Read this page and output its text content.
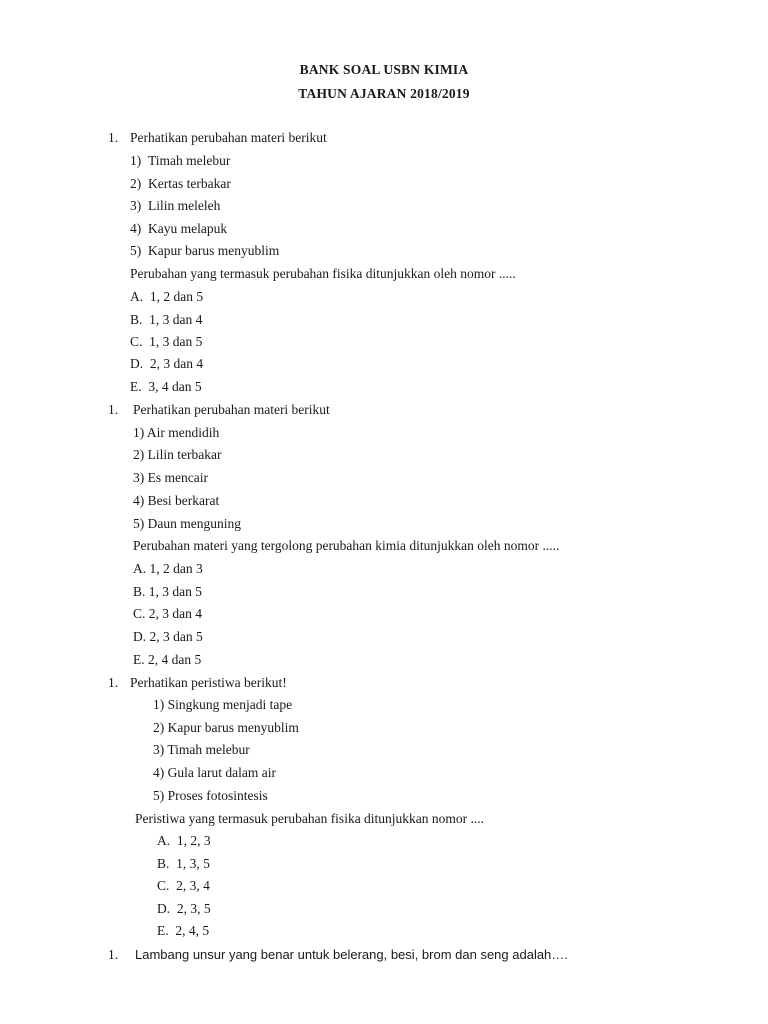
BANK SOAL USBN KIMIA
TAHUN AJARAN 2018/2019
1. Perhatikan perubahan materi berikut
1)  Timah melebur
2)  Kertas terbakar
3)  Lilin meleleh
4)  Kayu melapuk
5)  Kapur barus menyublim
Perubahan yang termasuk perubahan fisika ditunjukkan oleh nomor .....
A.  1, 2 dan 5
B.  1, 3 dan 4
C.  1, 3 dan 5
D.  2, 3 dan 4
E.  3, 4 dan 5
1. Perhatikan perubahan materi berikut
1) Air mendidih
2) Lilin terbakar
3) Es mencair
4) Besi berkarat
5) Daun menguning
Perubahan materi yang tergolong perubahan kimia ditunjukkan oleh nomor .....
A. 1, 2 dan 3
B. 1, 3 dan 5
C. 2, 3 dan 4
D. 2, 3 dan 5
E. 2, 4 dan 5
1. Perhatikan peristiwa berikut!
1) Singkung menjadi tape
2) Kapur barus menyublim
3) Timah melebur
4) Gula larut dalam air
5) Proses fotosintesis
Peristiwa yang termasuk perubahan fisika ditunjukkan nomor ....
A.  1, 2, 3
B.  1, 3, 5
C.  2, 3, 4
D.  2, 3, 5
E.  2, 4, 5
1. Lambang unsur yang benar untuk belerang, besi, brom dan seng adalah….
